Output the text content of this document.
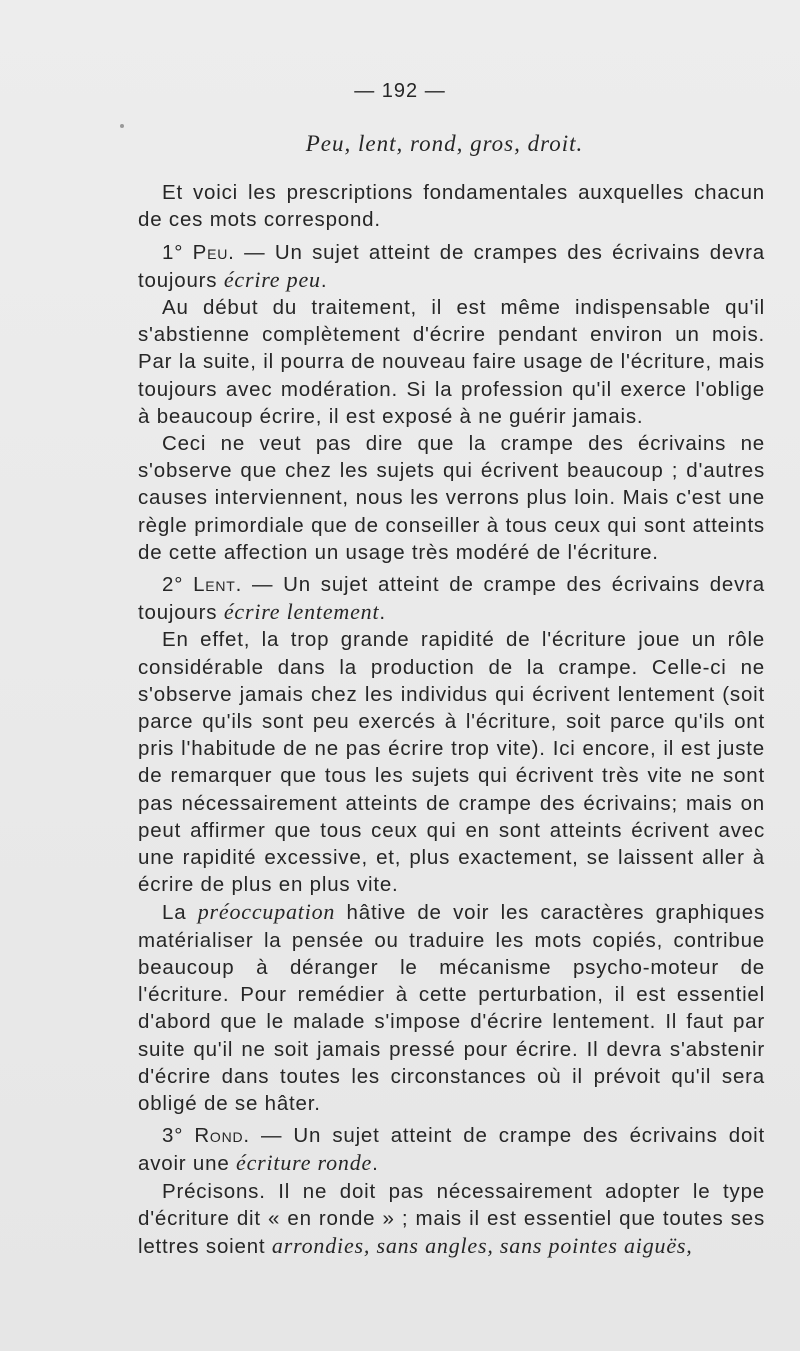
— 192 —

Peu, lent, rond, gros, droit.

Et voici les prescriptions fondamentales auxquelles chacun de ces mots correspond.

1° Peu. — Un sujet atteint de crampes des écrivains devra toujours écrire peu.

Au début du traitement, il est même indispensable qu'il s'abstienne complètement d'écrire pendant environ un mois. Par la suite, il pourra de nouveau faire usage de l'écriture, mais toujours avec modération. Si la profession qu'il exerce l'oblige à beaucoup écrire, il est exposé à ne guérir jamais.

Ceci ne veut pas dire que la crampe des écrivains ne s'observe que chez les sujets qui écrivent beaucoup ; d'autres causes interviennent, nous les verrons plus loin. Mais c'est une règle primordiale que de conseiller à tous ceux qui sont atteints de cette affection un usage très modéré de l'écriture.

2° Lent. — Un sujet atteint de crampe des écrivains devra toujours écrire lentement.

En effet, la trop grande rapidité de l'écriture joue un rôle considérable dans la production de la crampe. Celle-ci ne s'observe jamais chez les individus qui écrivent lentement (soit parce qu'ils sont peu exercés à l'écriture, soit parce qu'ils ont pris l'habitude de ne pas écrire trop vite). Ici encore, il est juste de remarquer que tous les sujets qui écrivent très vite ne sont pas nécessairement atteints de crampe des écrivains; mais on peut affirmer que tous ceux qui en sont atteints écrivent avec une rapidité excessive, et, plus exactement, se laissent aller à écrire de plus en plus vite.

La préoccupation hâtive de voir les caractères graphiques matérialiser la pensée ou traduire les mots copiés, contribue beaucoup à déranger le mécanisme psycho-moteur de l'écriture. Pour remédier à cette perturbation, il est essentiel d'abord que le malade s'impose d'écrire lentement. Il faut par suite qu'il ne soit jamais pressé pour écrire. Il devra s'abstenir d'écrire dans toutes les circonstances où il prévoit qu'il sera obligé de se hâter.

3° Rond. — Un sujet atteint de crampe des écrivains doit avoir une écriture ronde.

Précisons. Il ne doit pas nécessairement adopter le type d'écriture dit « en ronde » ; mais il est essentiel que toutes ses lettres soient arrondies, sans angles, sans pointes aiguës,
